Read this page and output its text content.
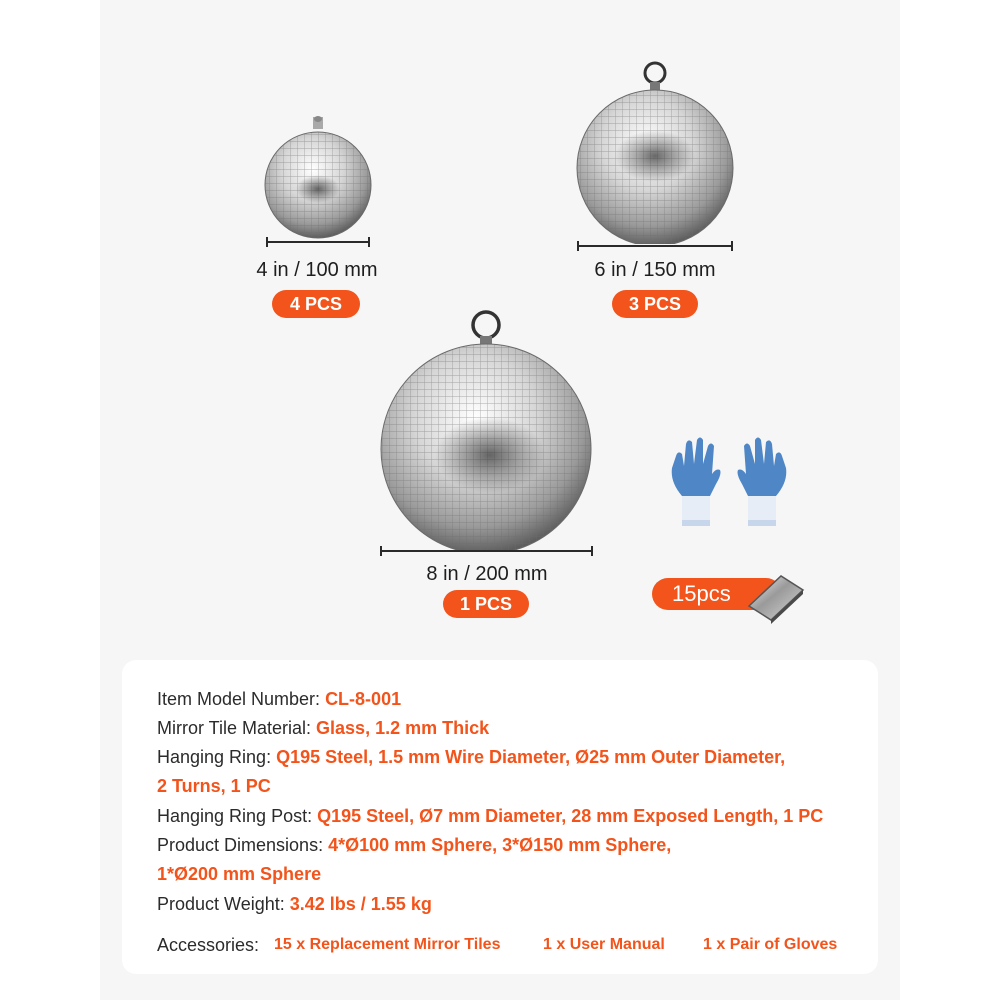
4 in / 100 mm
4 PCS
6 in / 150 mm
3 PCS
8 in / 200 mm
1 PCS	15pcs
Item Model Number: CL-8-001
Mirror Tile Material: Glass, 1.2 mm Thick
Hanging Ring: Q195 Steel, 1.5 mm Wire Diameter, Ø25 mm Outer Diameter,
2 Turns, 1 PC
Hanging Ring Post: Q195 Steel, Ø7 mm Diameter, 28 mm Exposed Length, 1 PC
Product Dimensions: 4*Ø100 mm Sphere, 3*Ø150 mm Sphere,
1*Ø200 mm Sphere
Product Weight: 3.42 lbs / 1.55 kg
Accessories: 15 x Replacement Mirror Tiles	1 x User Manual 1 x Pair of Gloves
